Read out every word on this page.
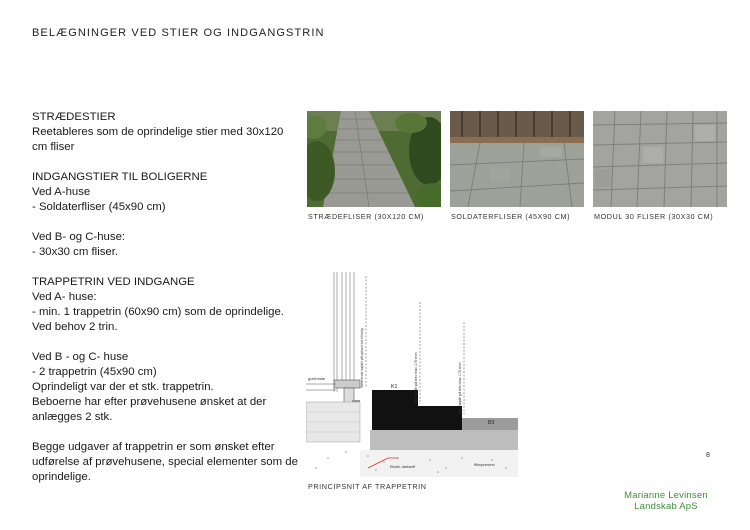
BELÆGNINGER VED STIER OG INDGANGSTRIN

STRÆDESTIER
Reetableres som de oprindelige stier med 30x120
cm fliser

INDGANGSTIER TIL BOLIGERNE
Ved A-huse
- Soldaterfliser (45x90 cm)

Ved B- og C-huse:
- 30x30 cm fliser.

TRAPPETRIN VED INDGANGE
Ved A- huse:
- min. 1 trappetrin (60x90 cm) som de oprindelige.
Ved behov 2 trin.

Ved B - og C- huse
- 2 trappetrin (45x90 cm)
Oprindeligt var der et stk. trappetrin.
Beboerne har efter prøvehusene ønsket at der
anlægges 2 stk.

Begge udgaver af trappetrin er som ønsket efter
udførelse af prøvehusene, special elementer som de
oprindelige.

STRÆDEFLISER (30X120 CM)	SOLDATERFLISER (45X90 CM)	MODUL 30 FLISER (30X30 CM)
K1
B3
gulvhöide	Varierende højder på opkant ind til bolig	Var. højde på trin max 170 mm	Var. højde på trin max 170 mm
Eksist. dørkarm	Komprimeret
PRINCIPSNIT AF TRAPPETRIN
8
Marianne Levinsen
Landskab ApS
